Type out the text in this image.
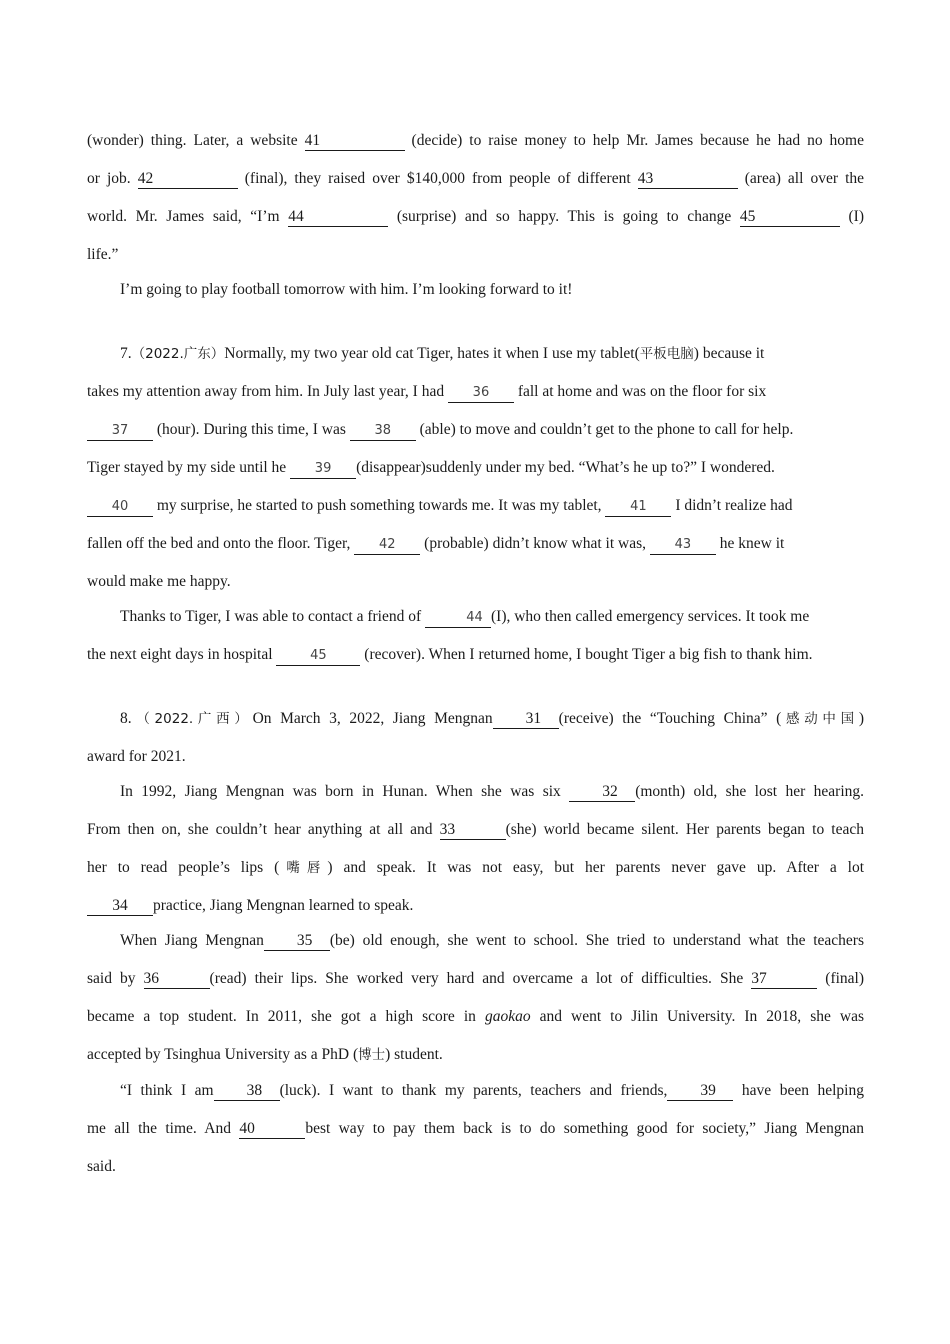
(wonder) thing. Later, a website 41	(decide) to raise money to help Mr. James because he had no home
or job. 42	(final), they raised over $140,000 from people of different 43	(area) all over the
world. Mr. James said, “I’m 44	(surprise) and so happy. This is going to change 45	(I)
life.”
I’m going to play football tomorrow with him. I’m looking forward to it!
7.（2022.广东）Normally, my two year old cat Tiger, hates it when I use my tablet(平板电脑) because it
takes my attention away from him. In July last year, I had 36 fall at home and was on the floor for six
37 (hour). During this time, I was 38 (able) to move and couldn’t get to the phone to call for help.
Tiger stayed by my side until he 39 (disappear)suddenly under my bed. “What’s he up to?” I wondered.
40 my surprise, he started to push something towards me. It was my tablet, 41 I didn’t realize had
fallen off the bed and onto the floor. Tiger, 42 (probable) didn’t know what it was, 43 he knew it
would make me happy.
Thanks to Tiger, I was able to contact a friend of	44 (I), who then called emergency services. It took me
the next eight days in hospital	45 (recover). When I returned home, I bought Tiger a big fish to thank him.
8.（2022.广西）On March 3, 2022, Jiang Mengnan 31 (receive) the “Touching China” (感动中国)
award for 2021.
In 1992, Jiang Mengnan was born in Hunan. When she was six 32 (month) old, she lost her hearing.
From then on, she couldn’t hear anything at all and 33	(she) world became silent. Her parents began to teach
her to read people’s lips (嘴唇) and speak. It was not easy, but her parents never gave up. After a lot
34 practice, Jiang Mengnan learned to speak.
When Jiang Mengnan 35 (be) old enough, she went to school. She tried to understand what the teachers
said by 36	(read) their lips. She worked very hard and overcame a lot of difficulties. She 37	(final)
became a top student. In 2011, she got a high score in gaokao and went to Jilin University. In 2018, she was
accepted by Tsinghua University as a PhD (博士) student.
“I think I am 38 (luck). I want to thank my parents, teachers and friends, 39 have been helping
me all the time. And 40	best way to pay them back is to do something good for society,” Jiang Mengnan
said.
